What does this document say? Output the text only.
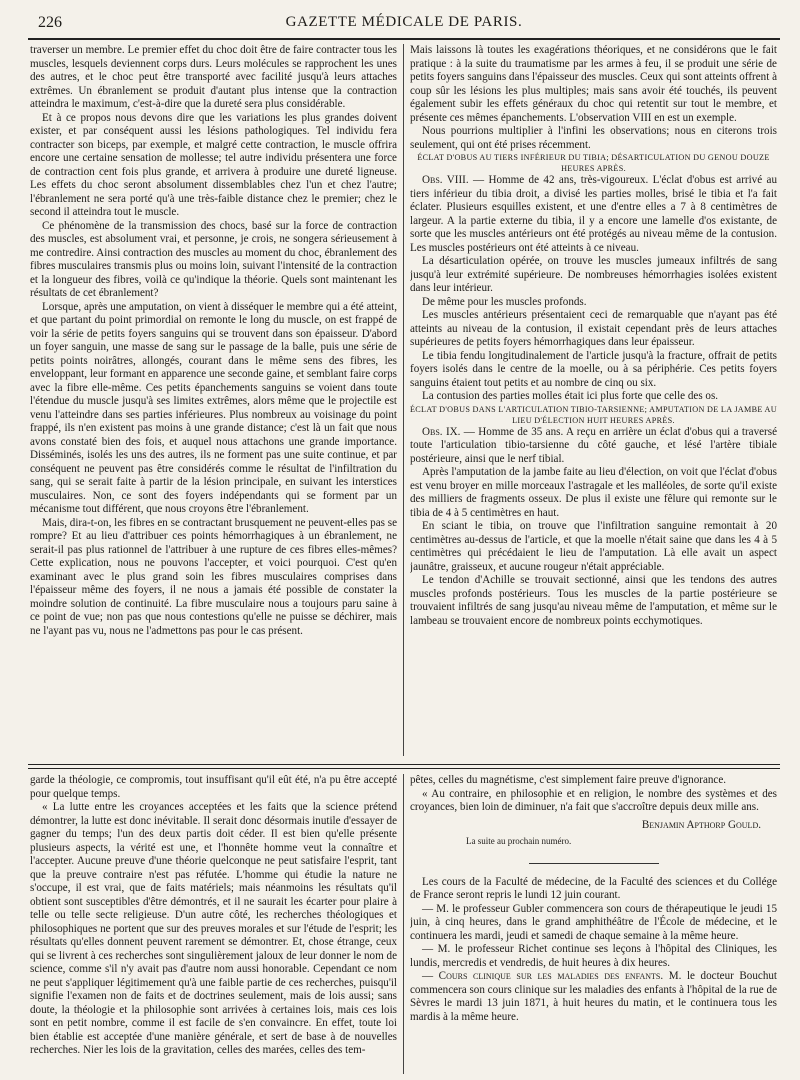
226	GAZETTE MÉDICALE DE PARIS.

traverser un membre. Le premier effet du choc doit être de faire contracter tous les muscles, lesquels deviennent corps durs. Leurs molécules se rapprochent les unes des autres, et le choc peut être transporté avec facilité jusqu'à leurs attaches extrêmes. Un ébranlement se produit d'autant plus intense que la contraction atteindra le maximum, c'est-à-dire que la dureté sera plus considérable.

Et à ce propos nous devons dire que les variations les plus grandes doivent exister, et par conséquent aussi les lésions pathologiques. Tel individu fera contracter son biceps, par exemple, et malgré cette contraction, le muscle offrira encore une certaine sensation de mollesse; tel autre individu présentera une force de contraction cent fois plus grande, et arrivera à produire une dureté ligneuse. Les effets du choc seront absolument dissemblables chez l'un et chez l'autre; l'ébranlement ne sera porté qu'à une très-faible distance chez le premier; chez le second il atteindra tout le muscle.

Ce phénomène de la transmission des chocs, basé sur la force de contraction des muscles, est absolument vrai, et personne, je crois, ne songera sérieusement à me contredire. Ainsi contraction des muscles au moment du choc, ébranlement des fibres musculaires transmis plus ou moins loin, suivant l'intensité de la contraction et la longueur des fibres, voilà ce qu'indique la théorie. Quels sont maintenant les résultats de cet ébranlement?

Lorsque, après une amputation, on vient à disséquer le membre qui a été atteint, et que partant du point primordial on remonte le long du muscle, on est frappé de voir la série de petits foyers sanguins qui se trouvent dans son épaisseur. D'abord un foyer sanguin, une masse de sang sur le passage de la balle, puis une série de petits points noirâtres, allongés, courant dans le même sens des fibres, les enveloppant, leur formant en apparence une seconde gaine, et semblant faire corps avec la fibre elle-même. Ces petits épanchements sanguins se voient dans toute l'étendue du muscle jusqu'à ses limites extrêmes, alors même que le projectile est venu l'atteindre dans ses parties inférieures. Plus nombreux au voisinage du point frappé, ils n'en existent pas moins à une grande distance; c'est là un fait que nous avons constaté bien des fois, et auquel nous attachons une grande importance. Disséminés, isolés les uns des autres, ils ne forment pas une suite continue, et par conséquent ne peuvent pas être considérés comme le résultat de l'infiltration du sang, qui se serait faite à partir de la lésion principale, en suivant les interstices musculaires. Non, ce sont des foyers indépendants qui se forment par un mécanisme tout différent, que nous croyons être l'ébranlement.

Mais, dira-t-on, les fibres en se contractant brusquement ne peuvent-elles pas se rompre? Et au lieu d'attribuer ces points hémorrhagiques à un ébranlement, ne serait-il pas plus rationnel de l'attribuer à une rupture de ces fibres elles-mêmes? Cette explication, nous ne pouvons l'accepter, et voici pourquoi. C'est qu'en examinant avec le plus grand soin les fibres musculaires comprises dans l'épaisseur même des foyers, il ne nous a jamais été possible de constater la moindre solution de continuité. La fibre musculaire nous a toujours paru saine à ce point de vue; non pas que nous contestions qu'elle ne puisse se déchirer, mais ne l'ayant pas vu, nous ne l'admettons pas pour le cas présent.

Mais laissons là toutes les exagérations théoriques, et ne considérons que le fait pratique : à la suite du traumatisme par les armes à feu, il se produit une série de petits foyers sanguins dans l'épaisseur des muscles. Ceux qui sont atteints offrent à coup sûr les lésions les plus multiples; mais sans avoir été touchés, ils peuvent également subir les effets généraux du choc qui retentit sur tout le membre, et présente ces mêmes épanchements. L'observation VIII en est un exemple.

Nous pourrions multiplier à l'infini les observations; nous en citerons trois seulement, qui ont été prises récemment.

ÉCLAT D'OBUS AU TIERS INFÉRIEUR DU TIBIA; DÉSARTICULATION DU GENOU DOUZE HEURES APRÈS.

Obs. VIII. — Homme de 42 ans, très-vigoureux. L'éclat d'obus est arrivé au tiers inférieur du tibia droit, a divisé les parties molles, brisé le tibia et l'a fait éclater. Plusieurs esquilles existent, et une d'entre elles a 7 à 8 centimètres de largeur. A la partie externe du tibia, il y a encore une lamelle d'os existante, de sorte que les muscles antérieurs ont été protégés au niveau même de la contusion. Les muscles postérieurs ont été atteints à ce niveau.

La désarticulation opérée, on trouve les muscles jumeaux infiltrés de sang jusqu'à leur extrémité supérieure. De nombreuses hémorrhagies isolées existent dans leur intérieur.

De même pour les muscles profonds.

Les muscles antérieurs présentaient ceci de remarquable que n'ayant pas été atteints au niveau de la contusion, il existait cependant près de leurs attaches supérieures de petits foyers hémorrhagiques dans leur épaisseur.

Le tibia fendu longitudinalement de l'article jusqu'à la fracture, offrait de petits foyers isolés dans le centre de la moelle, ou à sa périphérie. Ces petits foyers sanguins étaient tout petits et au nombre de cinq ou six.

La contusion des parties molles était ici plus forte que celle des os.

ÉCLAT D'OBUS DANS L'ARTICULATION TIBIO-TARSIENNE; AMPUTATION DE LA JAMBE AU LIEU D'ÉLECTION HUIT HEURES APRÈS.

Obs. IX. — Homme de 35 ans. A reçu en arrière un éclat d'obus qui a traversé toute l'articulation tibio-tarsienne du côté gauche, et lésé l'artère tibiale postérieure, ainsi que le nerf tibial.

Après l'amputation de la jambe faite au lieu d'élection, on voit que l'éclat d'obus est venu broyer en mille morceaux l'astragale et les malléoles, de sorte qu'il existe des milliers de fragments osseux. De plus il existe une fêlure qui remonte sur le tibia de 4 à 5 centimètres en haut.

En sciant le tibia, on trouve que l'infiltration sanguine remontait à 20 centimètres au-dessus de l'article, et que la moelle n'était saine que dans les 4 à 5 centimètres qui précédaient le lieu de l'amputation. Là elle avait un aspect jaunâtre, graisseux, et aucune rougeur n'était appréciable.

Le tendon d'Achille se trouvait sectionné, ainsi que les tendons des autres muscles profonds postérieurs. Tous les muscles de la partie postérieure se trouvaient infiltrés de sang jusqu'au niveau même de l'amputation, et même sur le lambeau se trouvaient encore de nombreux points ecchymotiques.

garde la théologie, ce compromis, tout insuffisant qu'il eût été, n'a pu être accepté pour quelque temps.

« La lutte entre les croyances acceptées et les faits que la science prétend démontrer, la lutte est donc inévitable. Il serait donc désormais inutile d'essayer de gagner du temps; l'un des deux partis doit céder. Il est bien qu'elle présente plusieurs aspects, la vérité est une, et l'honnête homme veut la connaître et l'accepter. Aucune preuve d'une théorie quelconque ne peut satisfaire l'esprit, tant que la preuve contraire n'est pas réfutée. L'homme qui étudie la nature ne s'occupe, il est vrai, que de faits matériels; mais néanmoins les résultats qu'il obtient sont susceptibles d'être démontrés, et il ne saurait les écarter pour plaire à telle ou telle secte religieuse. D'un autre côté, les recherches théologiques et philosophiques ne portent que sur des preuves morales et sur l'étude de l'esprit; les résultats qu'elles donnent peuvent rarement se démontrer. Et, chose étrange, ceux qui se livrent à ces recherches sont singulièrement jaloux de leur donner le nom de science, comme s'il n'y avait pas d'autre nom aussi honorable. Cependant ce nom ne peut s'appliquer légitimement qu'à une faible partie de ces recherches, puisqu'il signifie l'examen non de faits et de doctrines seulement, mais de lois aussi; sans doute, la théologie et la philosophie sont arrivées à certaines lois, mais ces lois sont en petit nombre, comme il est facile de s'en convaincre. En effet, toute loi bien établie est acceptée d'une manière générale, et sert de base à de nouvelles recherches. Nier les lois de la gravitation, celles des marées, celles des tem-

pêtes, celles du magnétisme, c'est simplement faire preuve d'ignorance.

« Au contraire, en philosophie et en religion, le nombre des systèmes et des croyances, bien loin de diminuer, n'a fait que s'accroître depuis deux mille ans.

Benjamin Apthorp Gould.

La suite au prochain numéro.

Les cours de la Faculté de médecine, de la Faculté des sciences et du Collége de France seront repris le lundi 12 juin courant.

— M. le professeur Gubler commencera son cours de thérapeutique le jeudi 15 juin, à cinq heures, dans le grand amphithéâtre de l'École de médecine, et le continuera les mardi, jeudi et samedi de chaque semaine à la même heure.

— M. le professeur Richet continue ses leçons à l'hôpital des Cliniques, les lundis, mercredis et vendredis, de huit heures à dix heures.

— Cours clinique sur les maladies des enfants. M. le docteur Bouchut commencera son cours clinique sur les maladies des enfants à l'hôpital de la rue de Sèvres le mardi 13 juin 1871, à huit heures du matin, et le continuera tous les mardis à la même heure.
